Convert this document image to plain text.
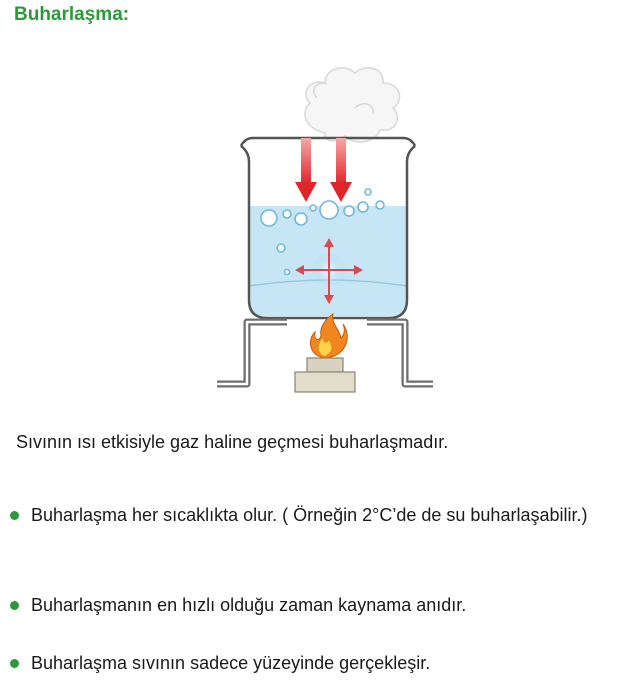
Buharlaşma:

Sıvının ısı etkisiyle gaz haline geçmesi buharlaşmadır.

Buharlaşma her sıcaklıkta olur. ( Örneğin 2°C’de de su buharlaşabilir.)
Buharlaşmanın en hızlı olduğu zaman kaynama anıdır.
Buharlaşma sıvının sadece yüzeyinde gerçekleşir.
